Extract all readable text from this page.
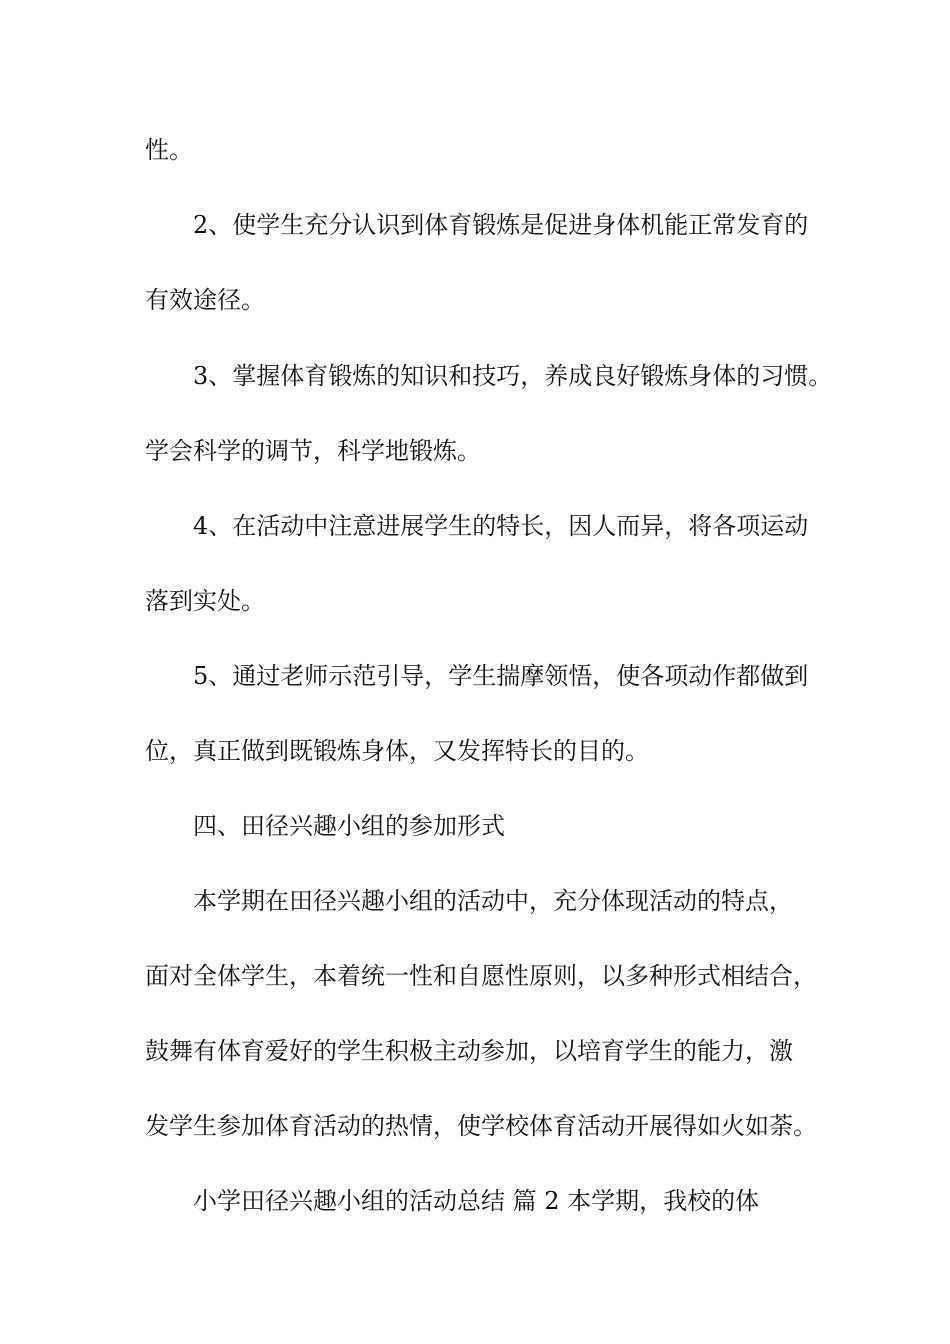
性。
2、使学生充分认识到体育锻炼是促进身体机能正常发育的
有效途径。
3、掌握体育锻炼的知识和技巧，养成良好锻炼身体的习惯。
学会科学的调节，科学地锻炼。
4、在活动中注意进展学生的特长，因人而异，将各项运动
落到实处。
5、通过老师示范引导，学生揣摩领悟，使各项动作都做到
位，真正做到既锻炼身体，又发挥特长的目的。
四、田径兴趣小组的参加形式
本学期在田径兴趣小组的活动中，充分体现活动的特点，
面对全体学生，本着统一性和自愿性原则，以多种形式相结合，
鼓舞有体育爱好的学生积极主动参加，以培育学生的能力，激
发学生参加体育活动的热情，使学校体育活动开展得如火如荼。
小学田径兴趣小组的活动总结 篇 2 本学期，我校的体
